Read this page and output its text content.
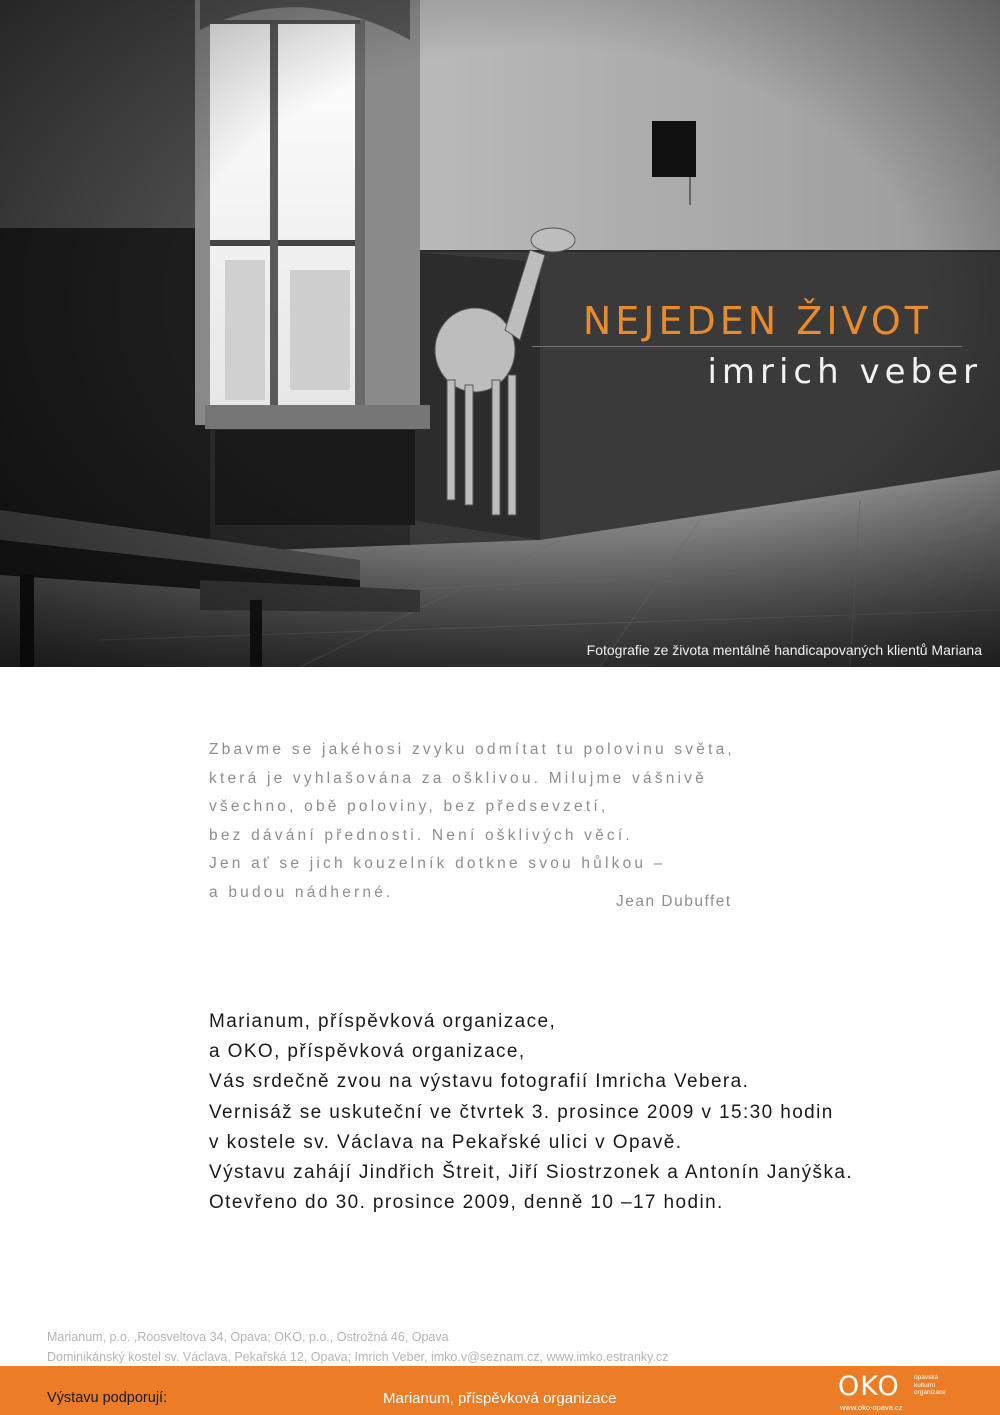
NEJEDEN ŽIVOT
imrich veber
Fotografie ze života mentálně handicapovaných klientů Mariana
Zbavme se jakéhosi zvyku odmítat tu polovinu světa,
která je vyhlašována za ošklivou. Milujme vášnivě
všechno, obě poloviny, bez předsevzetí,
bez dávání přednosti. Není ošklivých věcí.
Jen ať se jich kouzelník dotkne svou hůlkou –
a budou nádherné.
Jean Dubuffet
Marianum, příspěvková organizace,
a OKO, příspěvková organizace,
Vás srdečně zvou na výstavu fotografií Imricha Vebera.
Vernisáž se uskuteční ve čtvrtek 3. prosince 2009 v 15:30 hodin
v kostele sv. Václava na Pekařské ulici v Opavě.
Výstavu zahájí Jindřich Štreit, Jiří Siostrzonek a Antonín Janýška.
Otevřeno do 30. prosince 2009, denně 10 –17 hodin.
Marianum, p.o. ,Roosveltova 34, Opava; OKO, p.o., Ostrožná 46, Opava
Dominikánský kostel sv. Václava, Pekařská 12, Opava; Imrich Veber, imko.v@seznam.cz, www.imko.estranky.cz
Výstavu podporují:	Marianum, příspěvková organizace	OKO opavská
kulturní
organizace
www.oko-opava.cz
